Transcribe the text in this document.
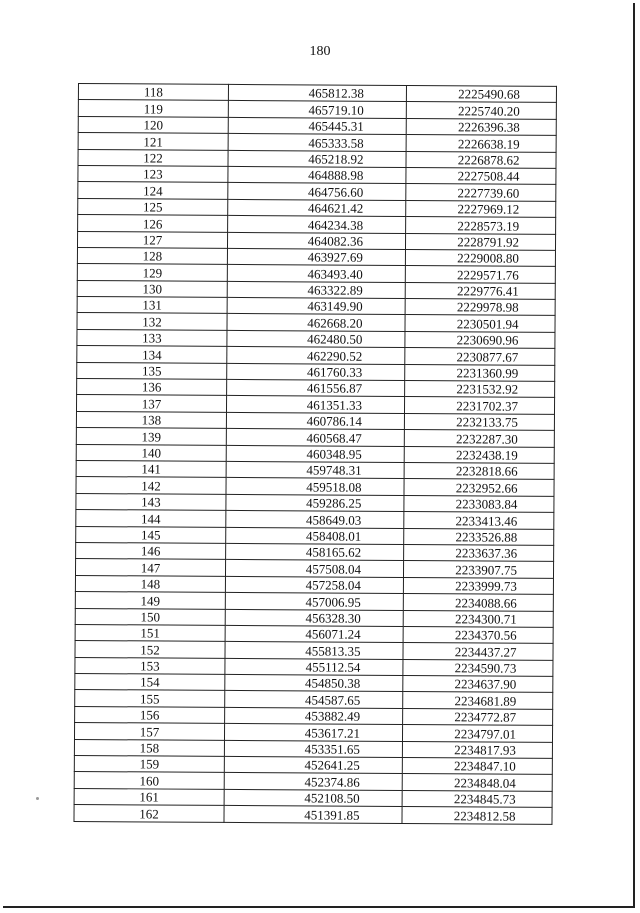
180
118	465812.38	2225490.68
119	465719.10	2225740.20
120	465445.31	2226396.38
121	465333.58	2226638.19
122	465218.92	2226878.62
123	464888.98	2227508.44
124	464756.60	2227739.60
125	464621.42	2227969.12
126	464234.38	2228573.19
127	464082.36	2228791.92
128	463927.69	2229008.80
129	463493.40	2229571.76
130	463322.89	2229776.41
131	463149.90	2229978.98
132	462668.20	2230501.94
133	462480.50	2230690.96
134	462290.52	2230877.67
135	461760.33	2231360.99
136	461556.87	2231532.92
137	461351.33	2231702.37
138	460786.14	2232133.75
139	460568.47	2232287.30
140	460348.95	2232438.19
141	459748.31	2232818.66
142	459518.08	2232952.66
143	459286.25	2233083.84
144	458649.03	2233413.46
145	458408.01	2233526.88
146	458165.62	2233637.36
147	457508.04	2233907.75
148	457258.04	2233999.73
149	457006.95	2234088.66
150	456328.30	2234300.71
151	456071.24	2234370.56
152	455813.35	2234437.27
153	455112.54	2234590.73
154	454850.38	2234637.90
155	454587.65	2234681.89
156	453882.49	2234772.87
157	453617.21	2234797.01
158	453351.65	2234817.93
159	452641.25	2234847.10
160	452374.86	2234848.04
161	452108.50	2234845.73
162	451391.85	2234812.58
